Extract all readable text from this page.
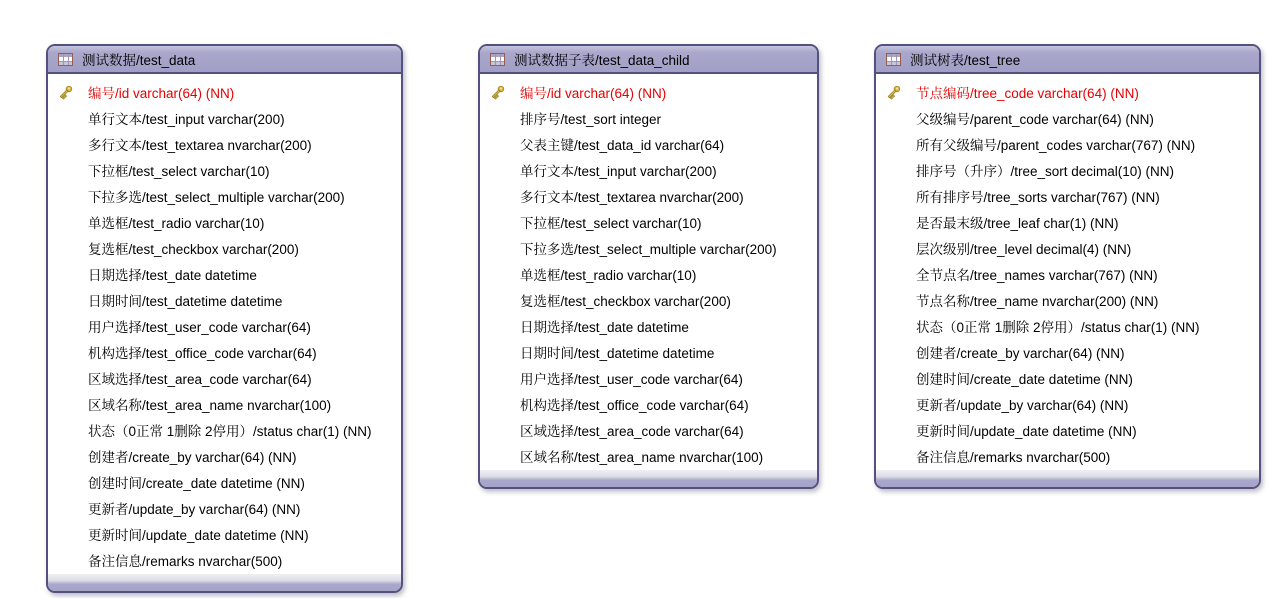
测试数据/test_data
编号/id varchar(64) (NN)
单行文本/test_input varchar(200)
多行文本/test_textarea nvarchar(200)
下拉框/test_select varchar(10)
下拉多选/test_select_multiple varchar(200)
单选框/test_radio varchar(10)
复选框/test_checkbox varchar(200)
日期选择/test_date datetime
日期时间/test_datetime datetime
用户选择/test_user_code varchar(64)
机构选择/test_office_code varchar(64)
区域选择/test_area_code varchar(64)
区域名称/test_area_name nvarchar(100)
状态（0正常 1删除 2停用）/status char(1) (NN)
创建者/create_by varchar(64) (NN)
创建时间/create_date datetime (NN)
更新者/update_by varchar(64) (NN)
更新时间/update_date datetime (NN)
备注信息/remarks nvarchar(500)
测试数据子表/test_data_child
编号/id varchar(64) (NN)
排序号/test_sort integer
父表主键/test_data_id varchar(64)
单行文本/test_input varchar(200)
多行文本/test_textarea nvarchar(200)
下拉框/test_select varchar(10)
下拉多选/test_select_multiple varchar(200)
单选框/test_radio varchar(10)
复选框/test_checkbox varchar(200)
日期选择/test_date datetime
日期时间/test_datetime datetime
用户选择/test_user_code varchar(64)
机构选择/test_office_code varchar(64)
区域选择/test_area_code varchar(64)
区域名称/test_area_name nvarchar(100)
测试树表/test_tree
节点编码/tree_code varchar(64) (NN)
父级编号/parent_code varchar(64) (NN)
所有父级编号/parent_codes varchar(767) (NN)
排序号（升序）/tree_sort decimal(10) (NN)
所有排序号/tree_sorts varchar(767) (NN)
是否最末级/tree_leaf char(1) (NN)
层次级别/tree_level decimal(4) (NN)
全节点名/tree_names varchar(767) (NN)
节点名称/tree_name nvarchar(200) (NN)
状态（0正常 1删除 2停用）/status char(1) (NN)
创建者/create_by varchar(64) (NN)
创建时间/create_date datetime (NN)
更新者/update_by varchar(64) (NN)
更新时间/update_date datetime (NN)
备注信息/remarks nvarchar(500)
